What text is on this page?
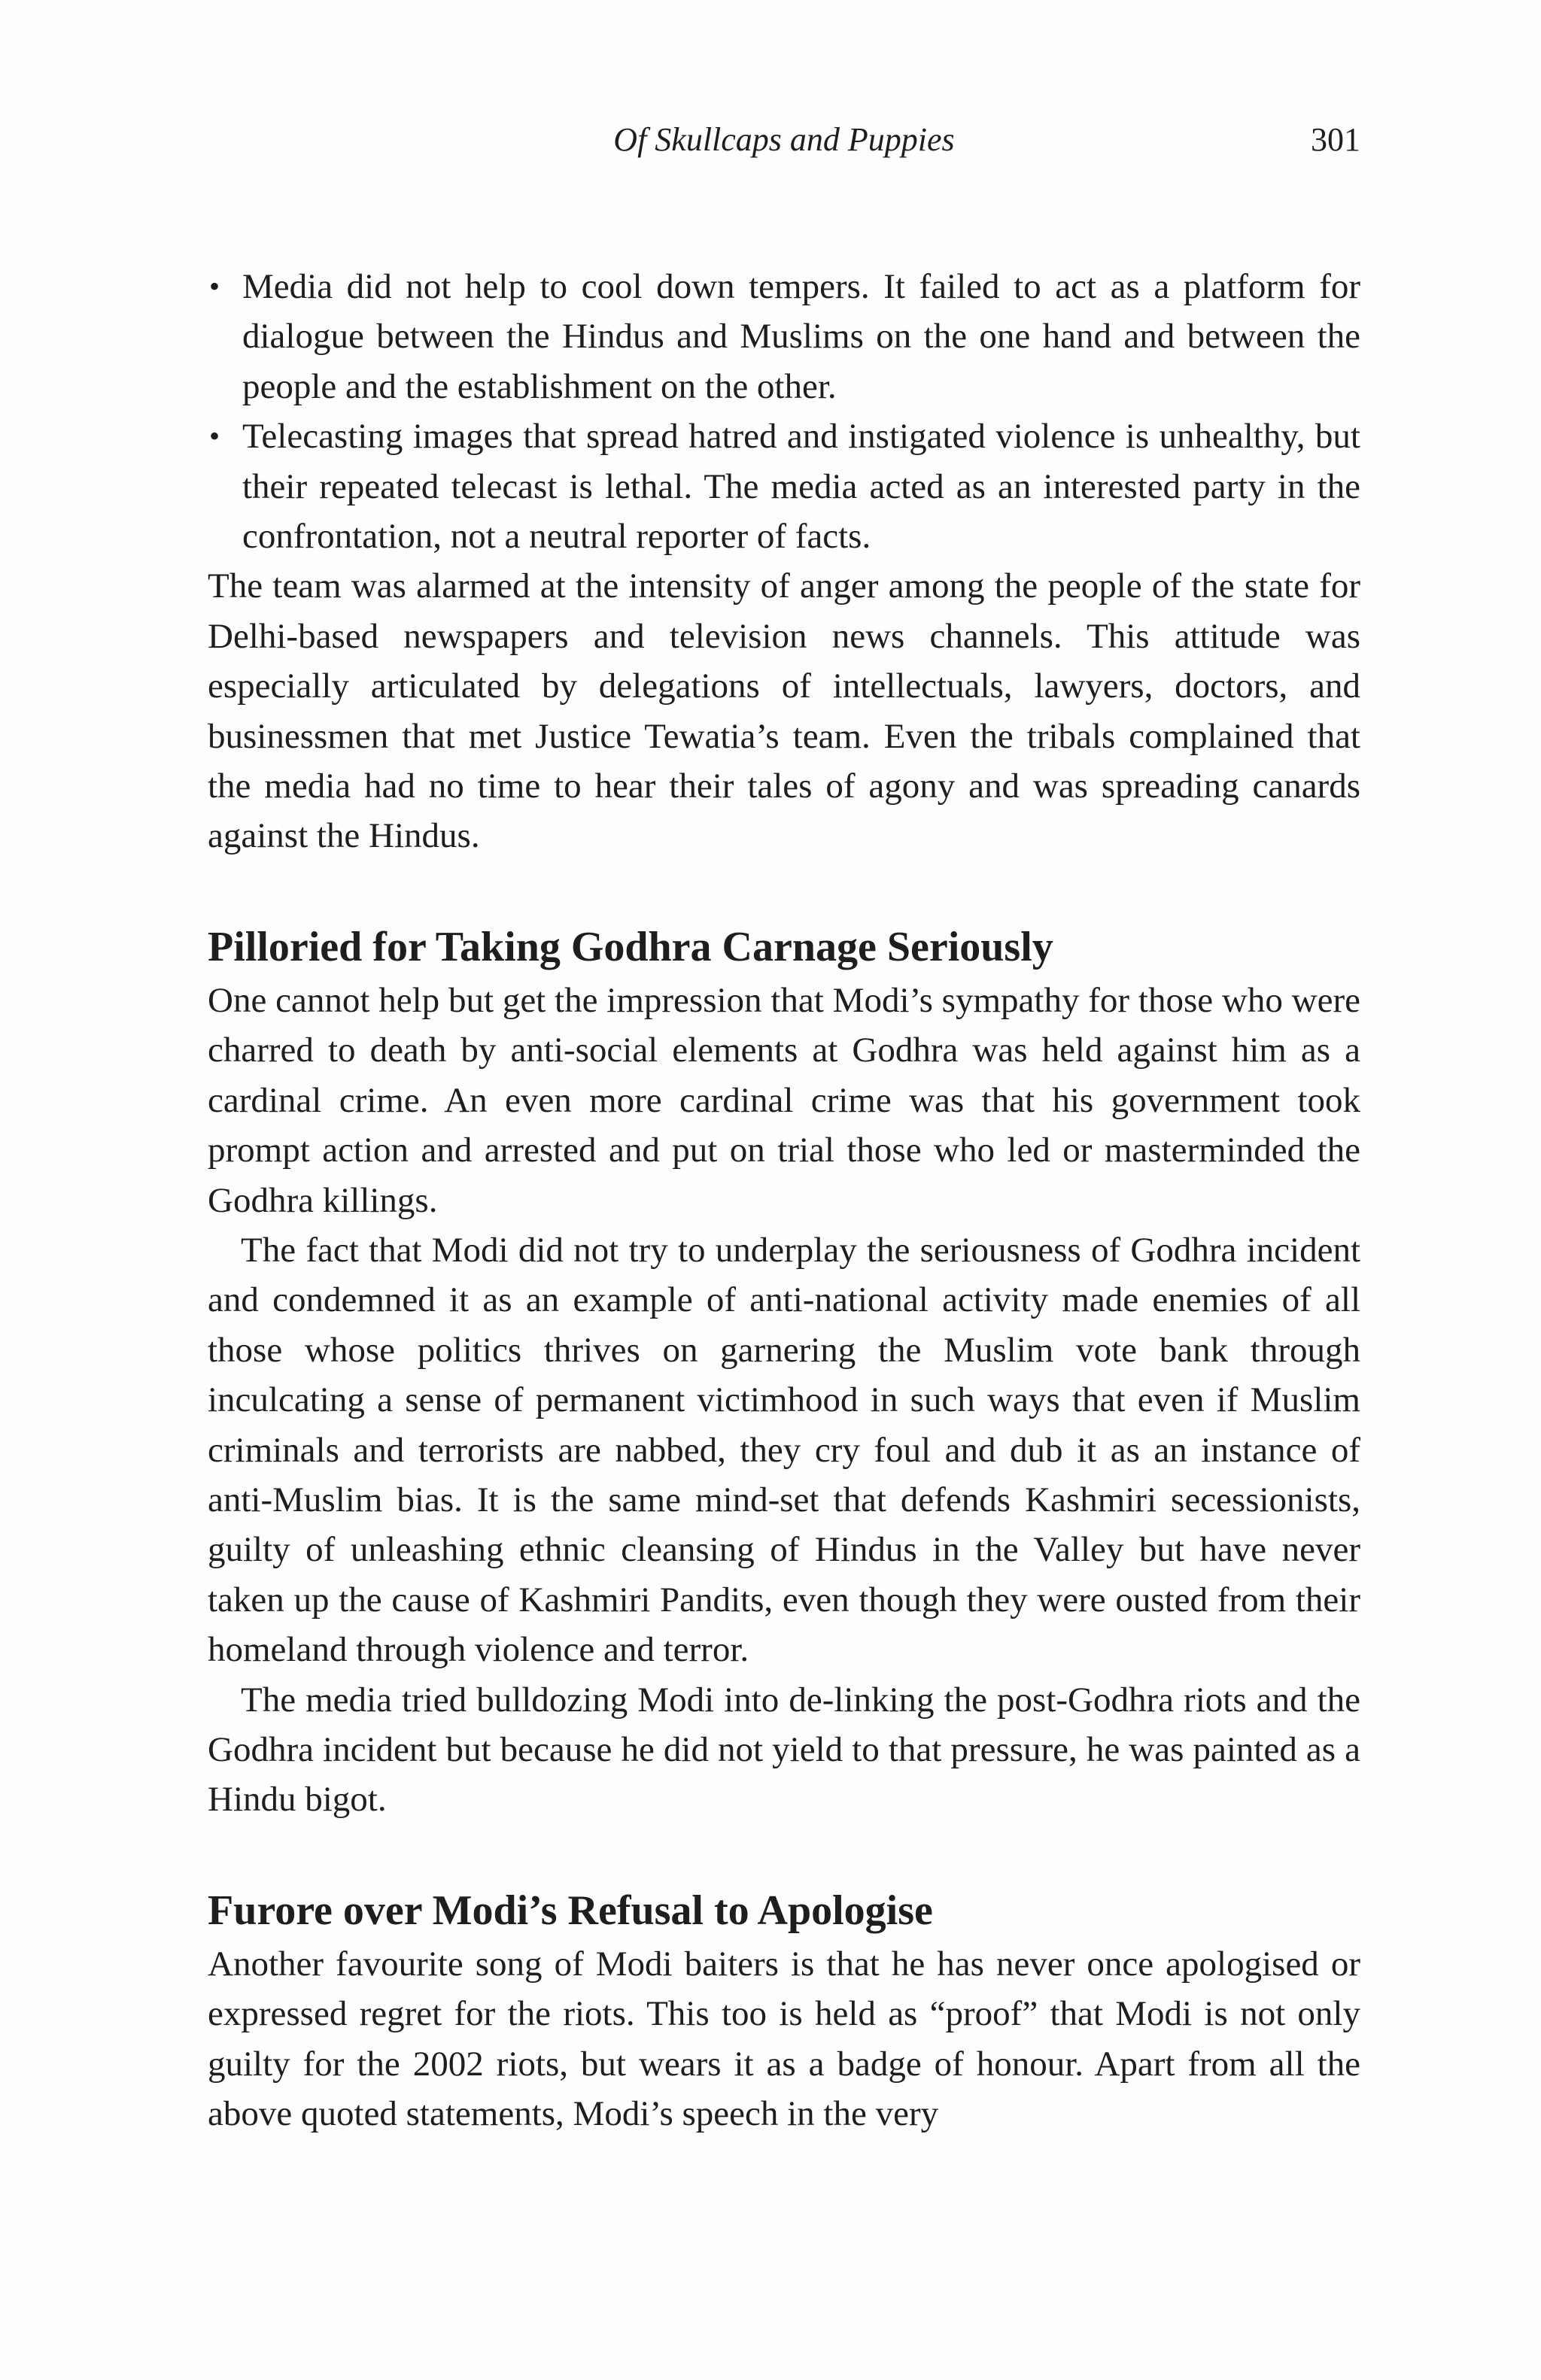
Of Skullcaps and Puppies	301
• Media did not help to cool down tempers. It failed to act as a platform for dialogue between the Hindus and Muslims on the one hand and between the people and the establishment on the other.
• Telecasting images that spread hatred and instigated violence is unhealthy, but their repeated telecast is lethal. The media acted as an interested party in the confrontation, not a neutral reporter of facts.

The team was alarmed at the intensity of anger among the people of the state for Delhi-based newspapers and television news channels. This attitude was especially articulated by delegations of intellectuals, lawyers, doctors, and businessmen that met Justice Tewatia’s team. Even the tribals complained that the media had no time to hear their tales of agony and was spreading canards against the Hindus.

Pilloried for Taking Godhra Carnage Seriously

One cannot help but get the impression that Modi’s sympathy for those who were charred to death by anti-social elements at Godhra was held against him as a cardinal crime. An even more cardinal crime was that his government took prompt action and arrested and put on trial those who led or masterminded the Godhra killings.

The fact that Modi did not try to underplay the seriousness of Godhra incident and condemned it as an example of anti-national activity made enemies of all those whose politics thrives on garnering the Muslim vote bank through inculcating a sense of permanent victimhood in such ways that even if Muslim criminals and terrorists are nabbed, they cry foul and dub it as an instance of anti-Muslim bias. It is the same mind-set that defends Kashmiri secessionists, guilty of unleashing ethnic cleansing of Hindus in the Valley but have never taken up the cause of Kashmiri Pandits, even though they were ousted from their homeland through violence and terror.

The media tried bulldozing Modi into de-linking the post-Godhra riots and the Godhra incident but because he did not yield to that pressure, he was painted as a Hindu bigot.

Furore over Modi’s Refusal to Apologise

Another favourite song of Modi baiters is that he has never once apologised or expressed regret for the riots. This too is held as “proof” that Modi is not only guilty for the 2002 riots, but wears it as a badge of honour. Apart from all the above quoted statements, Modi’s speech in the very
